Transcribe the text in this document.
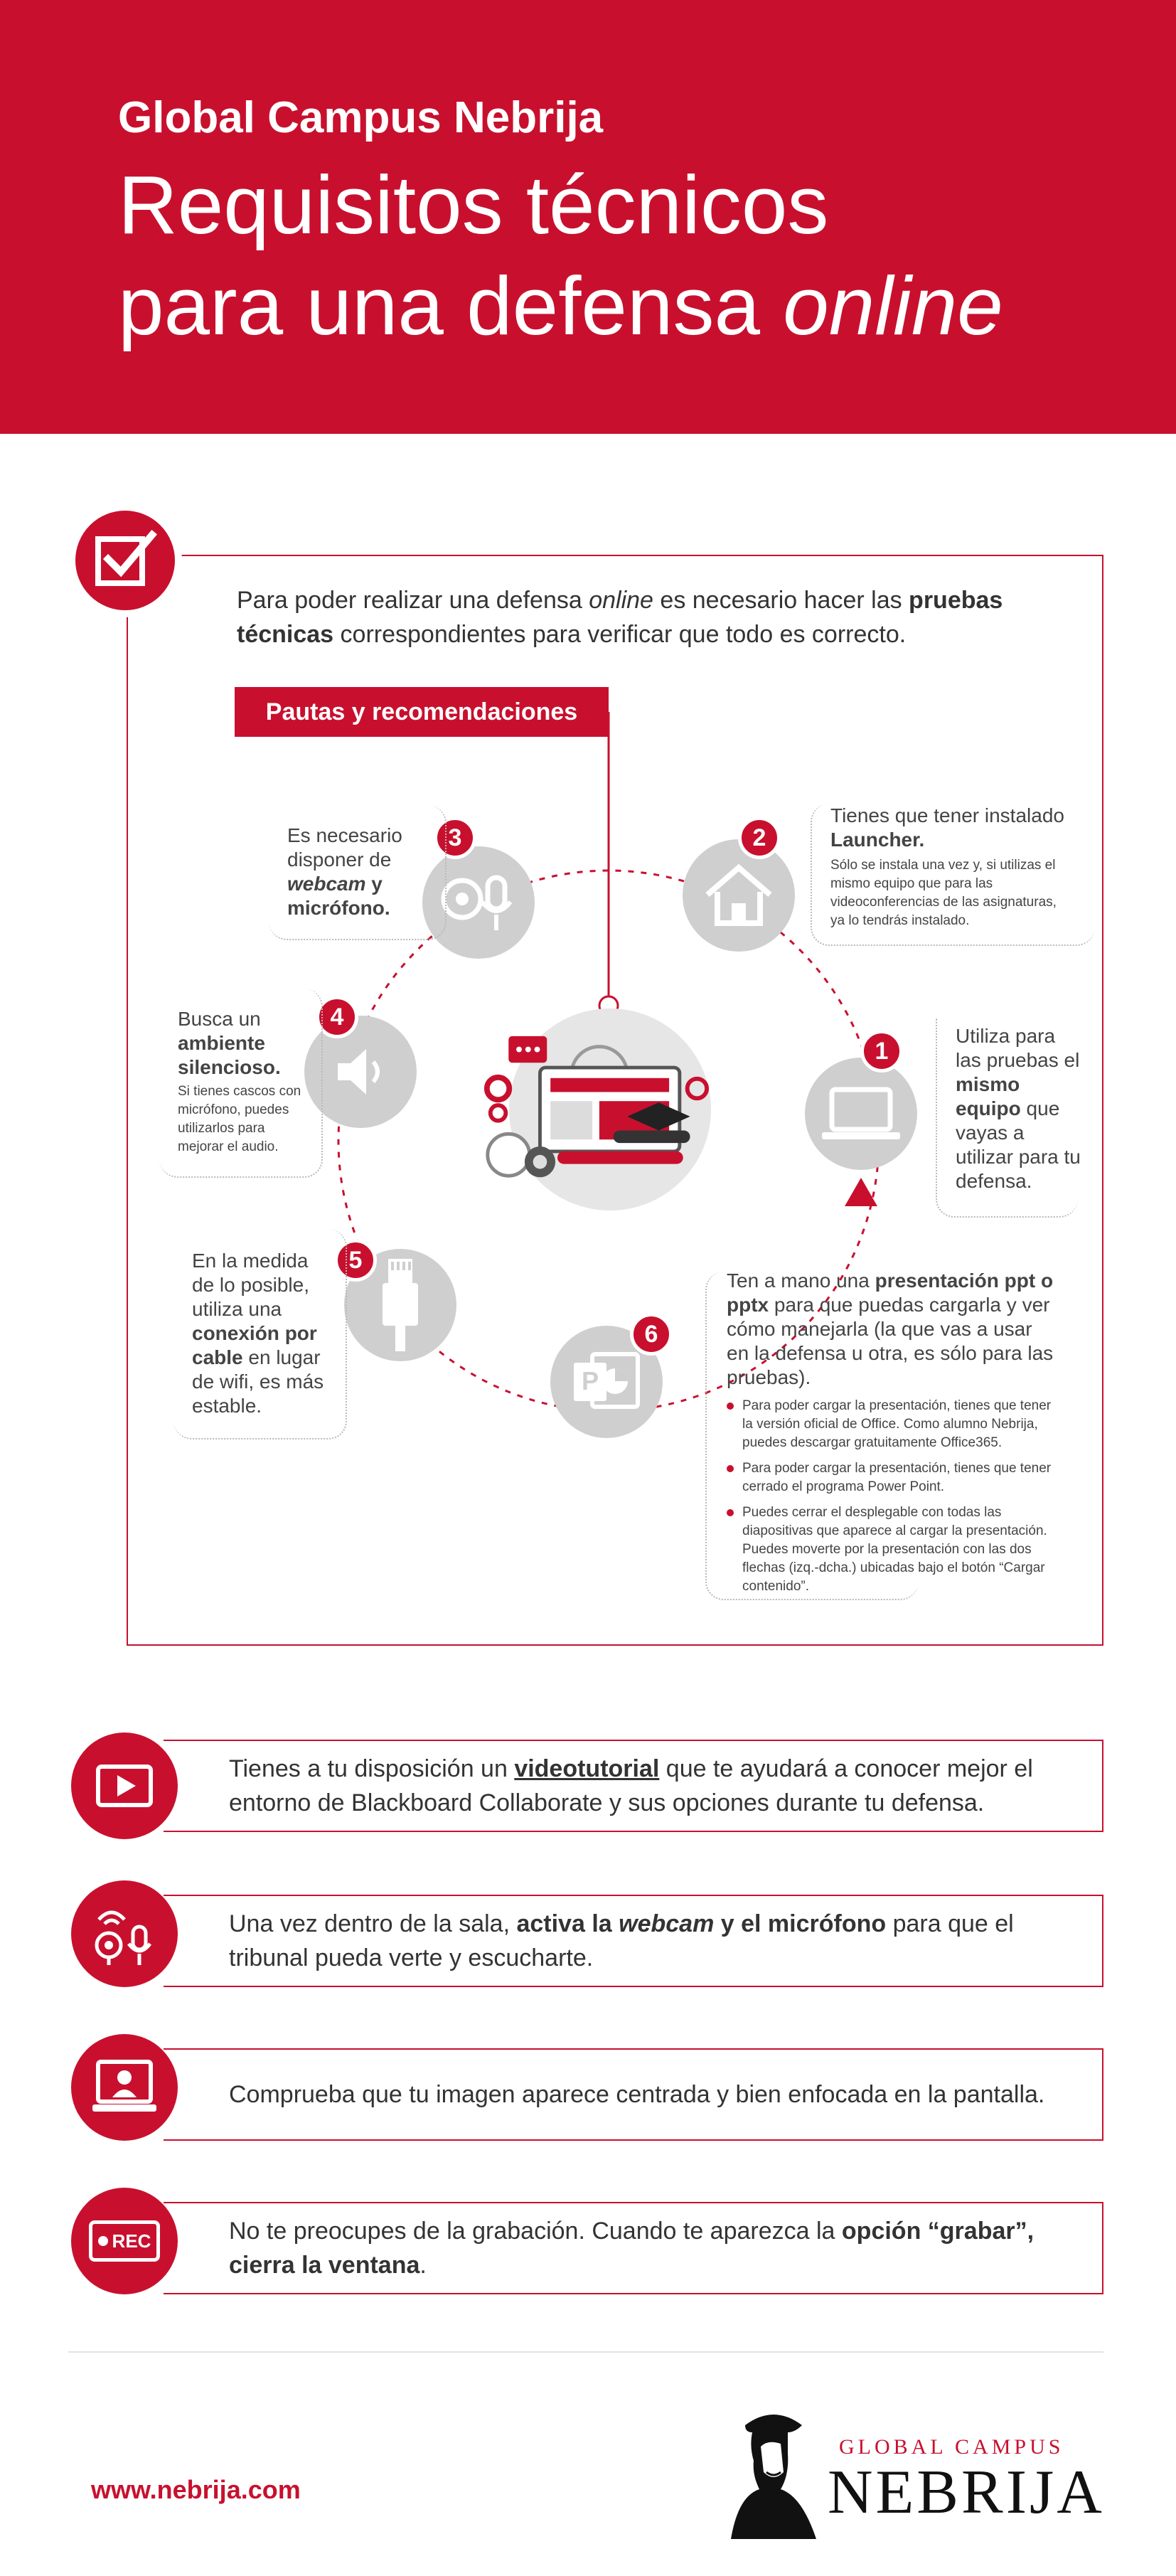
Global Campus Nebrija
Requisitos técnicos
para una defensa online
Para poder realizar una defensa online es necesario hacer las pruebas técnicas correspondientes para verificar que todo es correcto.
Pautas y recomendaciones
1
Utiliza para las pruebas el mismo equipo que vayas a utilizar para tu defensa.
2
Tienes que tener instalado Launcher.
Sólo se instala una vez y, si utilizas el mismo equipo que para las videoconferencias de las asignaturas, ya lo tendrás instalado.
3
Es necesario disponer de webcam y micrófono.
4
Busca un ambiente silencioso.
Si tienes cascos con micrófono, puedes utilizarlos para mejorar el audio.
5
En la medida de lo posible, utiliza una conexión por cable en lugar de wifi, es más estable.
P
6
Ten a mano una presentación ppt o pptx para que puedas cargarla y ver cómo manejarla (la que vas a usar en la defensa u otra, es sólo para las pruebas).
Para poder cargar la presentación, tienes que tener la versión oficial de Office. Como alumno Nebrija, puedes descargar gratuitamente Office365.
Para poder cargar la presentación, tienes que tener cerrado el programa Power Point.
Puedes cerrar el desplegable con todas las diapositivas que aparece al cargar la presentación. Puedes moverte por la presentación con las dos flechas (izq.-dcha.) ubicadas bajo el botón “Cargar contenido”.
Tienes a tu disposición un videotutorial que te ayudará a conocer mejor el entorno de Blackboard Collaborate y sus opciones durante tu defensa.
Una vez dentro de la sala, activa la webcam y el micrófono para que el tribunal pueda verte y escucharte.
Comprueba que tu imagen aparece centrada y bien enfocada en la pantalla.
No te preocupes de la grabación. Cuando te aparezca la opción “grabar”, cierra la ventana.
REC
www.nebrija.com
GLOBAL CAMPUS
NEBRIJA
